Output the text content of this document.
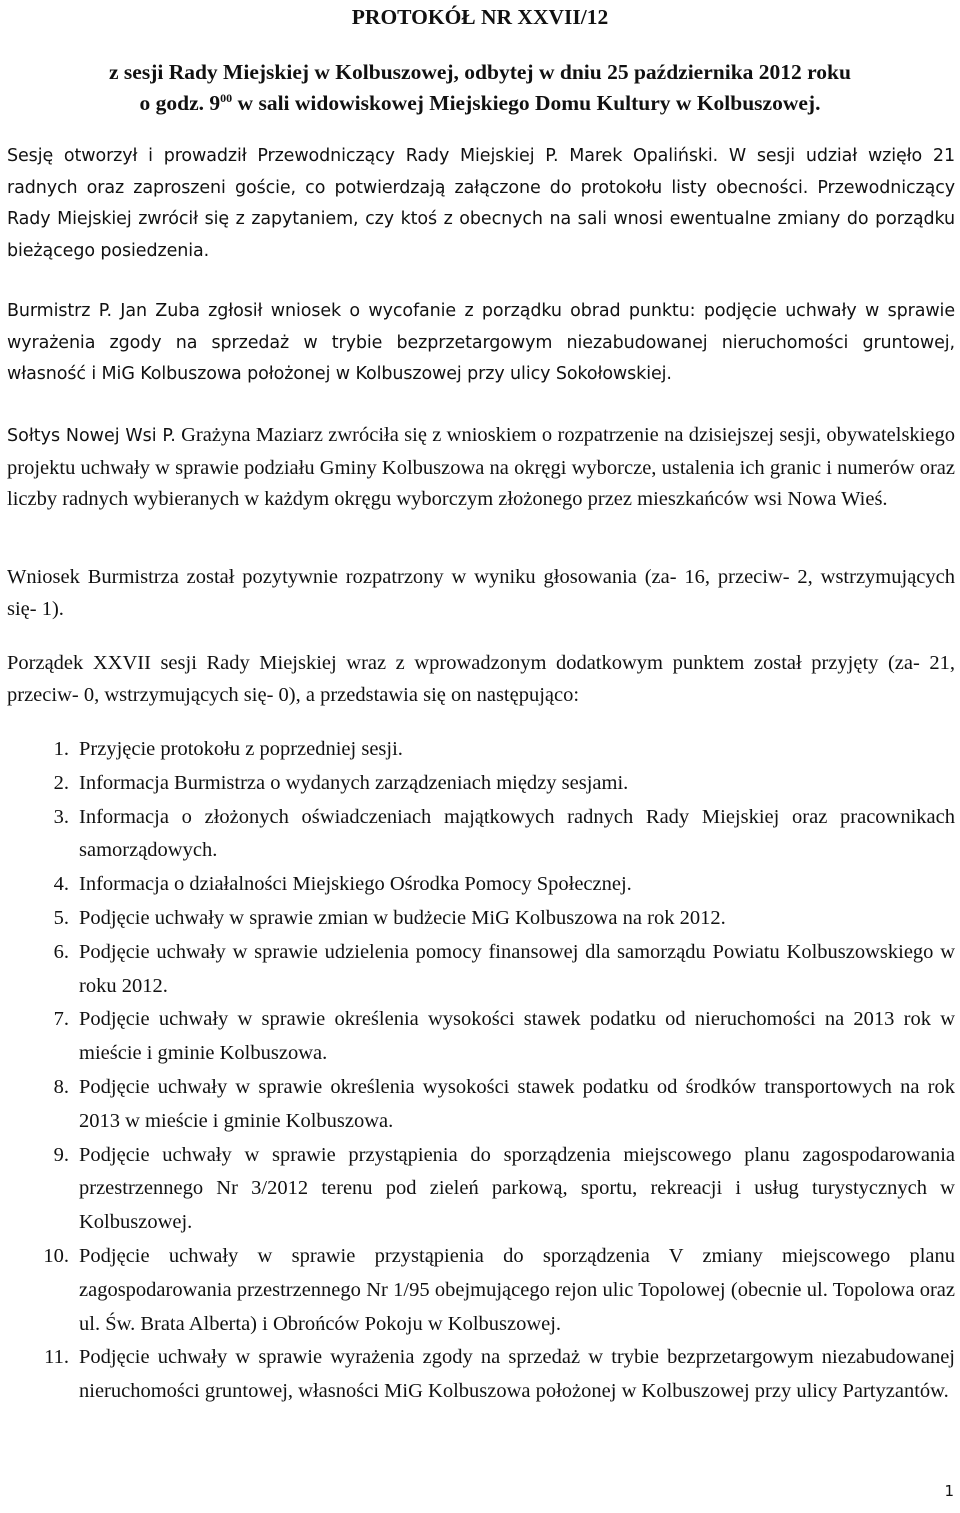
PROTOKÓŁ NR XXVII/12
z sesji Rady Miejskiej w Kolbuszowej, odbytej w dniu 25 października 2012 roku
o godz. $9^{00}$ w sali widowiskowej Miejskiego Domu Kultury w Kolbuszowej.
Sesję otworzył i prowadził Przewodniczący Rady Miejskiej P. Marek Opaliński. W sesji udział wzięło 21 radnych oraz zaproszeni goście, co potwierdzają załączone do protokołu listy obecności. Przewodniczący Rady Miejskiej zwrócił się z zapytaniem, czy ktoś z obecnych na sali wnosi ewentualne zmiany do porządku bieżącego posiedzenia.
Burmistrz P. Jan Zuba zgłosił wniosek o wycofanie z porządku obrad punktu: podjęcie uchwały w sprawie wyrażenia zgody na sprzedaż w trybie bezprzetargowym niezabudowanej nieruchomości gruntowej, własność i MiG Kolbuszowa położonej w Kolbuszowej przy ulicy Sokołowskiej.
Sołtys Nowej Wsi P. Grażyna Maziarz zwróciła się z wnioskiem o rozpatrzenie na dzisiejszej sesji, obywatelskiego projektu uchwały w sprawie podziału Gminy Kolbuszowa na okręgi wyborcze, ustalenia ich granic i numerów oraz liczby radnych wybieranych w każdym okręgu wyborczym złożonego przez mieszkańców wsi Nowa Wieś.
Wniosek Burmistrza został pozytywnie rozpatrzony w wyniku głosowania (za- 16, przeciw- 2, wstrzymujących się- 1).
Porządek XXVII sesji Rady Miejskiej wraz z wprowadzonym dodatkowym punktem został przyjęty (za- 21, przeciw- 0, wstrzymujących się- 0), a przedstawia się on następująco:
1. Przyjęcie protokołu z poprzedniej sesji.
2. Informacja Burmistrza o wydanych zarządzeniach między sesjami.
3. Informacja o złożonych oświadczeniach majątkowych radnych Rady Miejskiej oraz pracownikach samorządowych.
4. Informacja o działalności Miejskiego Ośrodka Pomocy Społecznej.
5. Podjęcie uchwały w sprawie zmian w budżecie MiG Kolbuszowa na rok 2012.
6. Podjęcie uchwały w sprawie udzielenia pomocy finansowej dla samorządu Powiatu Kolbuszowskiego w roku 2012.
7. Podjęcie uchwały w sprawie określenia wysokości stawek podatku od nieruchomości na 2013 rok w mieście i gminie Kolbuszowa.
8. Podjęcie uchwały w sprawie określenia wysokości stawek podatku od środków transportowych na rok 2013 w mieście i gminie Kolbuszowa.
9. Podjęcie uchwały w sprawie przystąpienia do sporządzenia miejscowego planu zagospodarowania przestrzennego Nr 3/2012 terenu pod zieleń parkową, sportu, rekreacji i usług turystycznych w Kolbuszowej.
10. Podjęcie uchwały w sprawie przystąpienia do sporządzenia V zmiany miejscowego planu zagospodarowania przestrzennego Nr 1/95 obejmującego rejon ulic Topolowej (obecnie ul. Topolowa oraz ul. Św. Brata Alberta) i Obrońców Pokoju w Kolbuszowej.
11. Podjęcie uchwały w sprawie wyrażenia zgody na sprzedaż w trybie bezprzetargowym niezabudowanej nieruchomości gruntowej, własności MiG Kolbuszowa położonej w Kolbuszowej przy ulicy Partyzantów.
1
